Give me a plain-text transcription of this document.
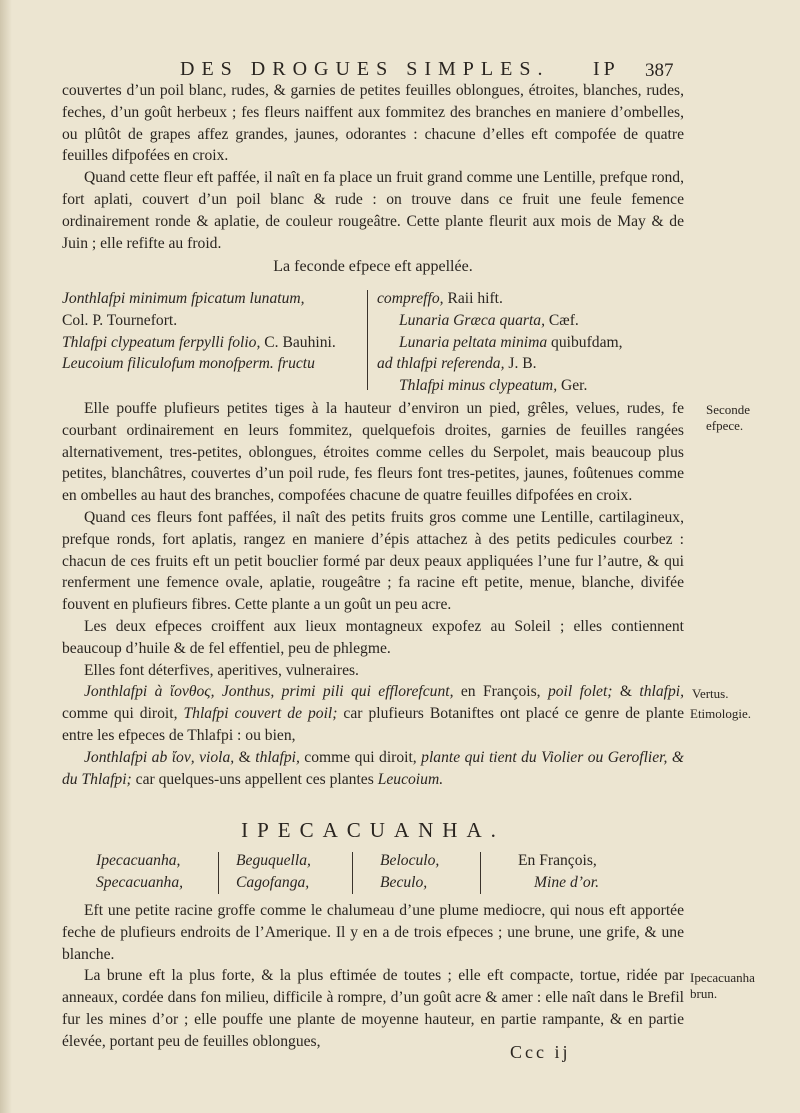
DES DROGUES SIMPLES. IP 387

couvertes d’un poil blanc, rudes, & garnies de petites feuilles oblongues, étroites, blanches, rudes, feches, d’un goût herbeux ; fes fleurs naiffent aux fommitez des branches en maniere d’ombelles, ou plûtôt de grapes affez grandes, jaunes, odorantes : chacune d’elles eft compofée de quatre feuilles difpofées en croix.

Quand cette fleur eft paffée, il naît en fa place un fruit grand comme une Lentille, prefque rond, fort aplati, couvert d’un poil blanc & rude : on trouve dans ce fruit une feule femence ordinairement ronde & aplatie, de couleur rougeâtre. Cette plante fleurit aux mois de May & de Juin ; elle refifte au froid.

La feconde efpece eft appellée.

Jonthlafpi minimum fpicatum lunatum,

Col. P. Tournefort.

Thlafpi clypeatum ferpylli folio, C. Bauhini.

Leucoium filiculofum monofperm. fructu

compreffo, Raii hift.

Lunaria Græca quarta, Cæf.

Lunaria peltata minima quibufdam,

ad thlafpi referenda, J. B.

Thlafpi minus clypeatum, Ger.

Elle pouffe plufieurs petites tiges à la hauteur d’environ un pied, grêles, velues, rudes, fe courbant ordinairement en leurs fommitez, quelquefois droites, garnies de feuilles rangées alternativement, tres-petites, oblongues, étroites comme celles du Serpolet, mais beaucoup plus petites, blanchâtres, couvertes d’un poil rude, fes fleurs font tres-petites, jaunes, foûtenues comme en ombelles au haut des branches, compofées chacune de quatre feuilles difpofées en croix.

Quand ces fleurs font paffées, il naît des petits fruits gros comme une Lentille, cartilagineux, prefque ronds, fort aplatis, rangez en maniere d’épis attachez à des petits pedicules courbez : chacun de ces fruits eft un petit bouclier formé par deux peaux appliquées l’une fur l’autre, & qui renferment une femence ovale, aplatie, rougeâtre ; fa racine eft petite, menue, blanche, divifée fouvent en plufieurs fibres. Cette plante a un goût un peu acre.

Les deux efpeces croiffent aux lieux montagneux expofez au Soleil ; elles contiennent beaucoup d’huile & de fel effentiel, peu de phlegme.

Elles font déterfives, aperitives, vulneraires.

Jonthlafpi à ἴονθος, Jonthus, primi pili qui efflorefcunt, en François, poil folet; & thlafpi, comme qui diroit, Thlafpi couvert de poil; car plufieurs Botaniftes ont placé ce genre de plante entre les efpeces de Thlafpi : ou bien,

Jonthlafpi ab ἴον, viola, & thlafpi, comme qui diroit, plante qui tient du Violier ou Geroflier, & du Thlafpi; car quelques-uns appellent ces plantes Leucoium.

IPECACUANHA.
Ipecacuanha,
Specacuanha,
Beguquella,
Cagofanga,
Beloculo,
Beculo,
En François,
Mine d’or.

Eft une petite racine groffe comme le chalumeau d’une plume mediocre, qui nous eft apportée feche de plufieurs endroits de l’Amerique. Il y en a de trois efpeces ; une brune, une grife, & une blanche.

La brune eft la plus forte, & la plus eftimée de toutes ; elle eft compacte, tortue, ridée par anneaux, cordée dans fon milieu, difficile à rompre, d’un goût acre & amer : elle naît dans le Brefil fur les mines d’or ; elle pouffe une plante de moyenne hauteur, en partie rampante, & en partie élevée, portant peu de feuilles oblongues,

Seconde efpece.
Vertus.
Etimologie.
Ipecacuanha brun.
Ccc ij
